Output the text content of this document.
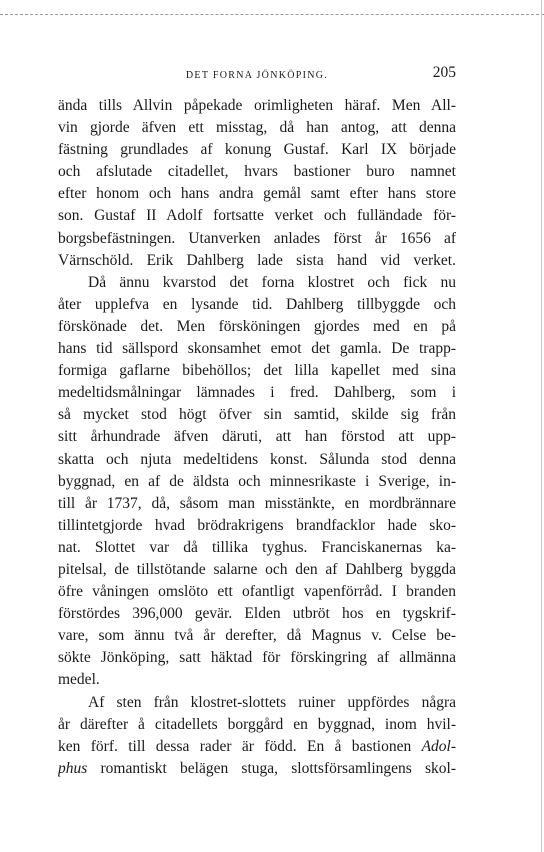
DET FORNA JÖNKÖPING.	205
ända tills Allvin påpekade orimligheten häraf. Men All-
vin gjorde äfven ett misstag, då han antog, att denna
fästning grundlades af konung Gustaf. Karl IX började
och afslutade citadellet, hvars bastioner buro namnet
efter honom och hans andra gemål samt efter hans store
son. Gustaf II Adolf fortsatte verket och fulländade för-
borgsbefästningen. Utanverken anlades först år 1656 af
Värnschöld. Erik Dahlberg lade sista hand vid verket.
Då ännu kvarstod det forna klostret och fick nu
åter upplefva en lysande tid. Dahlberg tillbyggde och
förskönade det. Men försköningen gjordes med en på
hans tid sällspord skonsamhet emot det gamla. De trapp-
formiga gaflarne bibehöllos; det lilla kapellet med sina
medeltidsmålningar lämnades i fred. Dahlberg, som i
så mycket stod högt öfver sin samtid, skilde sig från
sitt århundrade äfven däruti, att han förstod att upp-
skatta och njuta medeltidens konst. Sålunda stod denna
byggnad, en af de äldsta och minnesrikaste i Sverige, in-
till år 1737, då, såsom man misstänkte, en mordbrännare
tillintetgjorde hvad brödrakrigens brandfacklor hade sko-
nat. Slottet var då tillika tyghus. Franciskanernas ka-
pitelsal, de tillstötande salarne och den af Dahlberg byggda
öfre våningen omslöto ett ofantligt vapenförråd. I branden
förstördes 396,000 gevär. Elden utbröt hos en tygskrif-
vare, som ännu två år derefter, då Magnus v. Celse be-
sökte Jönköping, satt häktad för förskingring af allmänna
medel.
Af sten från klostret-slottets ruiner uppfördes några
år därefter å citadellets borggård en byggnad, inom hvil-
ken förf. till dessa rader är född. En å bastionen Adol-
phus romantiskt belägen stuga, slottsförsamlingens skol-
